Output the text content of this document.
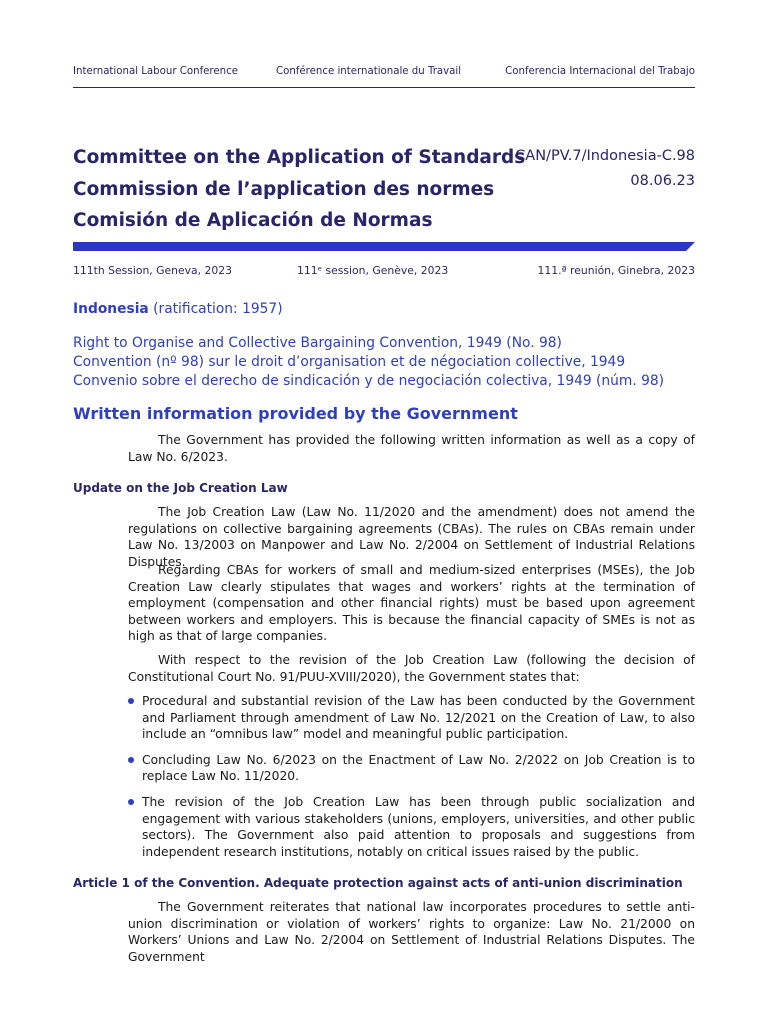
International Labour Conference	Conférence internationale du Travail	Conferencia Internacional del Trabajo
Committee on the Application of Standards
Commission de l’application des normes
Comisión de Aplicación de Normas
CAN/PV.7/Indonesia-C.98
08.06.23
111th Session, Geneva, 2023	111ᵉ session, Genève, 2023	111.ª reunión, Ginebra, 2023
Indonesia (ratification: 1957)
Right to Organise and Collective Bargaining Convention, 1949 (No. 98)
Convention (nº 98) sur le droit d’organisation et de négociation collective, 1949
Convenio sobre el derecho de sindicación y de negociación colectiva, 1949 (núm. 98)
Written information provided by the Government
The Government has provided the following written information as well as a copy of Law No. 6/2023.
Update on the Job Creation Law
The Job Creation Law (Law No. 11/2020 and the amendment) does not amend the regulations on collective bargaining agreements (CBAs). The rules on CBAs remain under Law No. 13/2003 on Manpower and Law No. 2/2004 on Settlement of Industrial Relations Disputes.
Regarding CBAs for workers of small and medium-sized enterprises (MSEs), the Job Creation Law clearly stipulates that wages and workers’ rights at the termination of employment (compensation and other financial rights) must be based upon agreement between workers and employers. This is because the financial capacity of SMEs is not as high as that of large companies.
With respect to the revision of the Job Creation Law (following the decision of Constitutional Court No. 91/PUU-XVIII/2020), the Government states that:
Procedural and substantial revision of the Law has been conducted by the Government and Parliament through amendment of Law No. 12/2021 on the Creation of Law, to also include an “omnibus law” model and meaningful public participation.
Concluding Law No. 6/2023 on the Enactment of Law No. 2/2022 on Job Creation is to replace Law No. 11/2020.
The revision of the Job Creation Law has been through public socialization and engagement with various stakeholders (unions, employers, universities, and other public sectors). The Government also paid attention to proposals and suggestions from independent research institutions, notably on critical issues raised by the public.
Article 1 of the Convention. Adequate protection against acts of anti-union discrimination
The Government reiterates that national law incorporates procedures to settle anti-union discrimination or violation of workers’ rights to organize: Law No. 21/2000 on Workers’ Unions and Law No. 2/2004 on Settlement of Industrial Relations Disputes. The Government
